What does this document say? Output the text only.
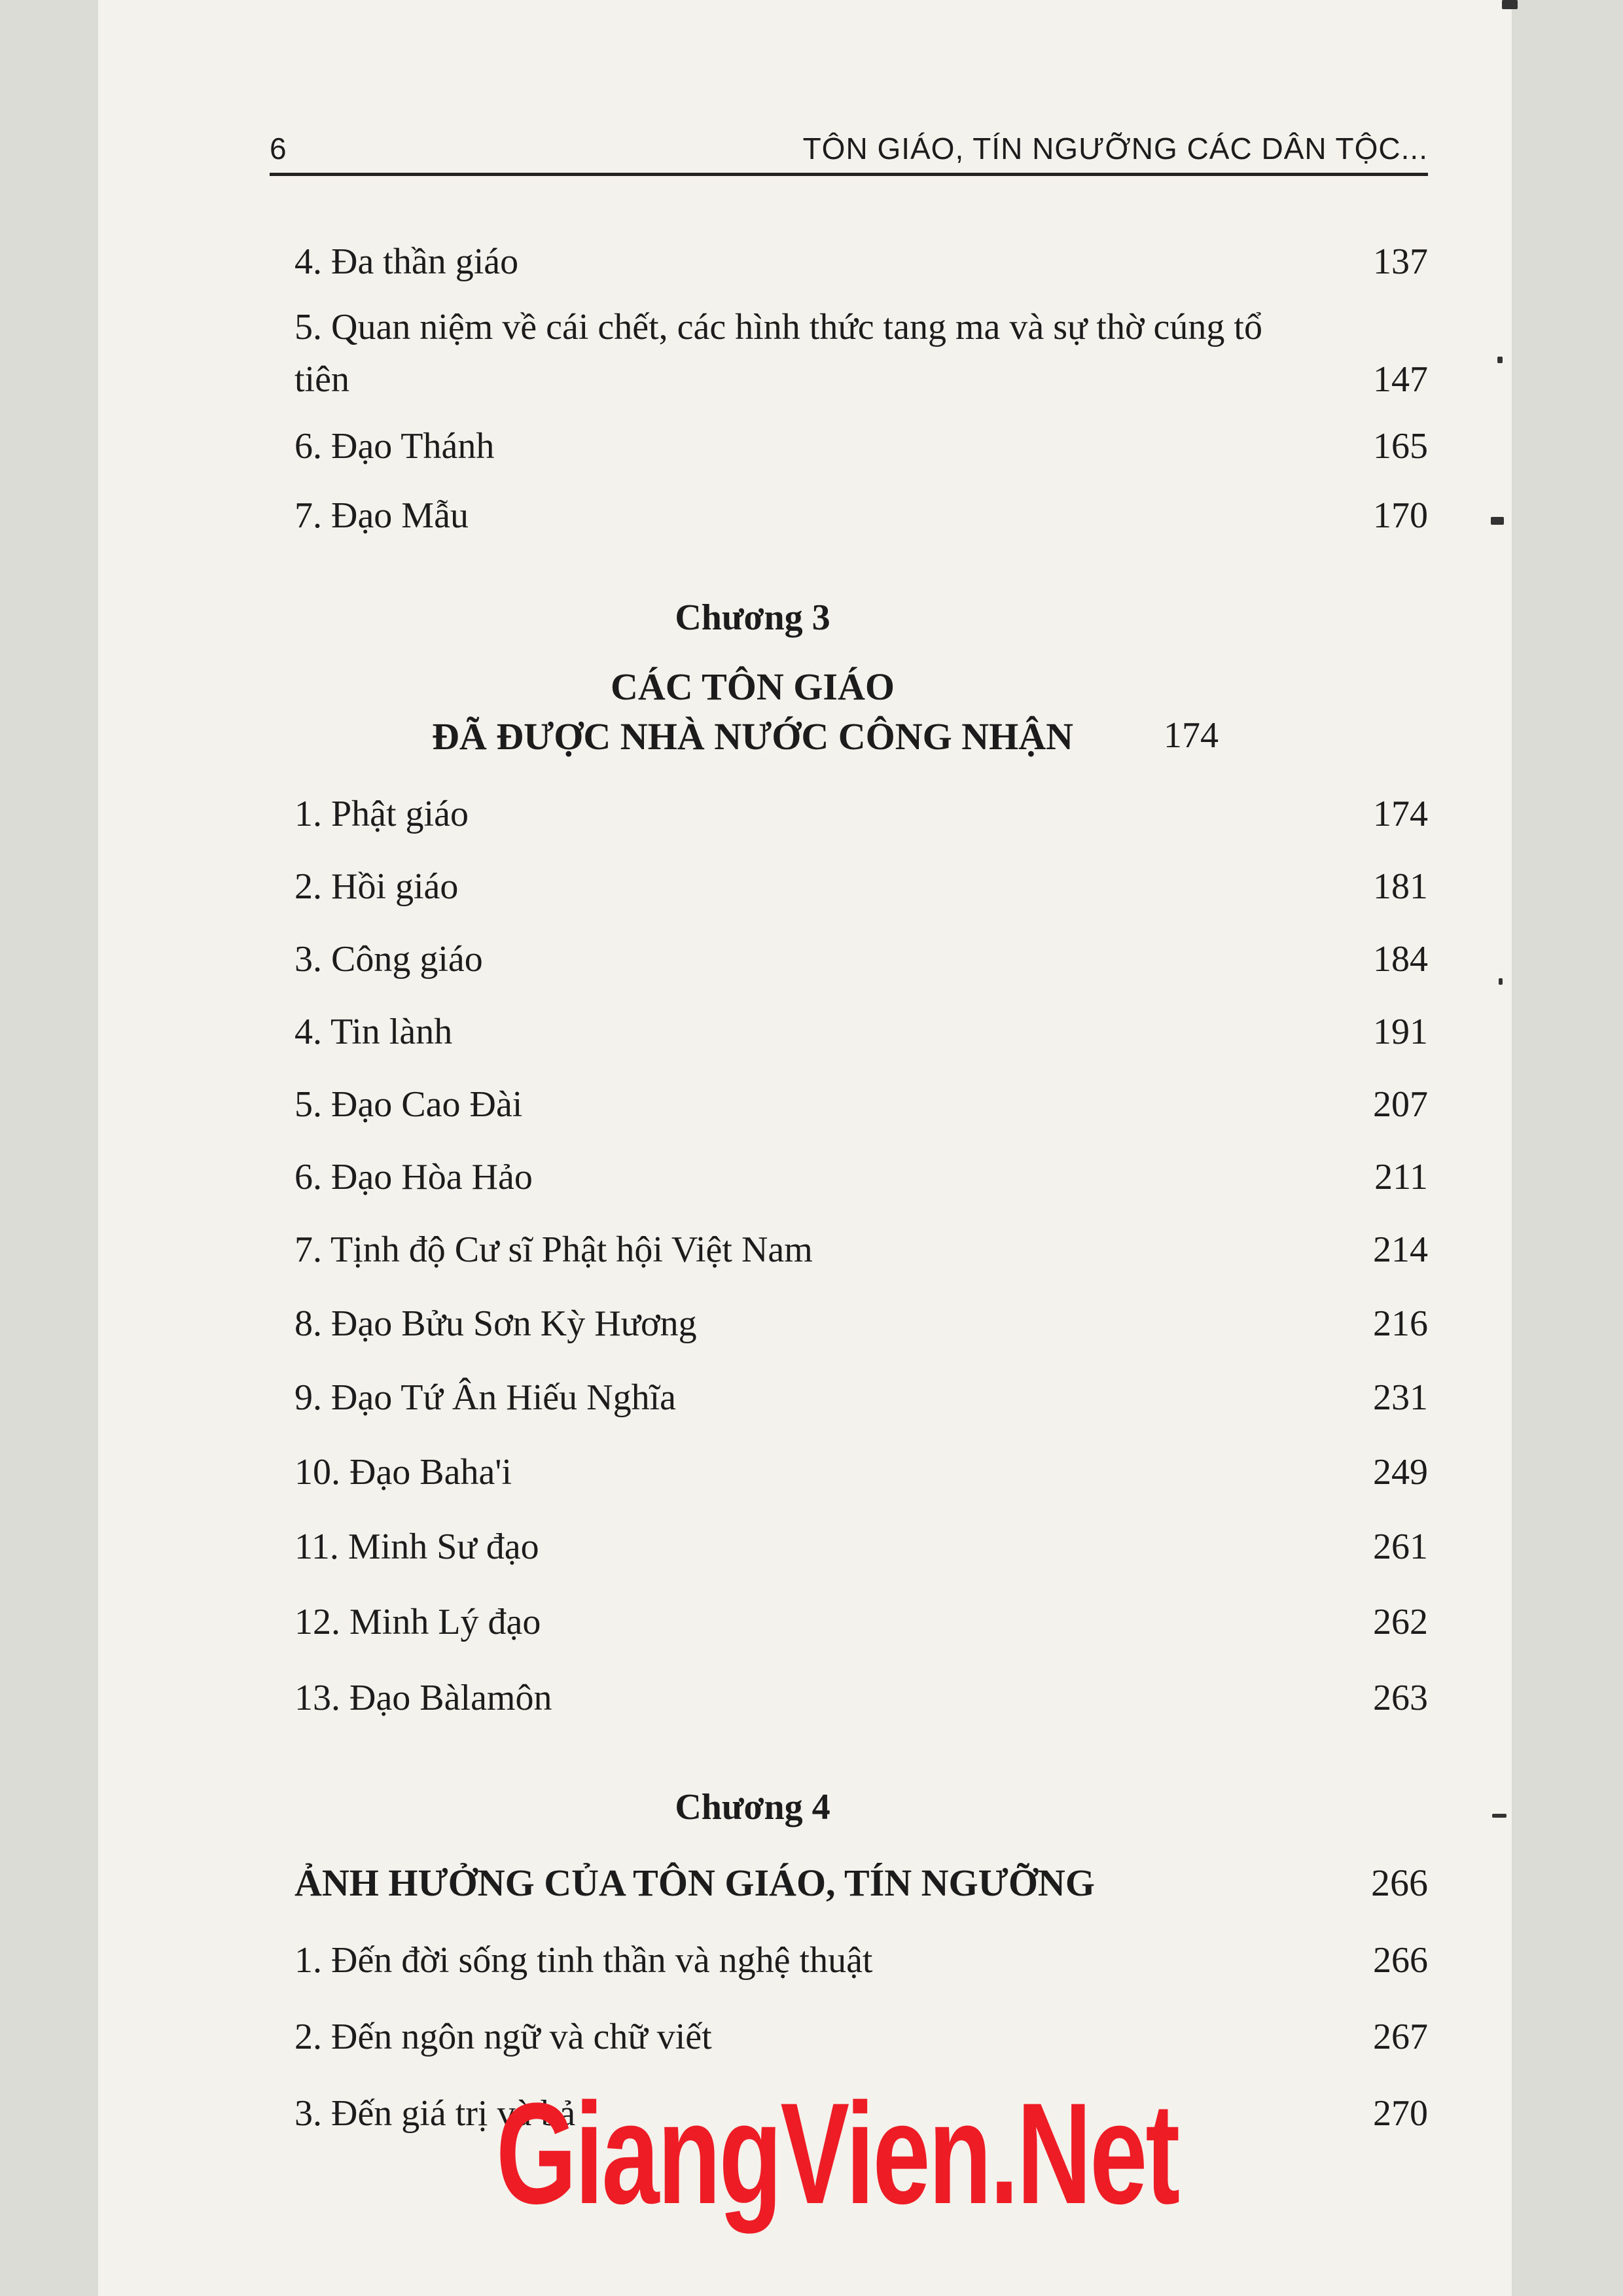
6	TÔN GIÁO, TÍN NGƯỠNG CÁC DÂN TỘC...
4. Đa thần giáo	137
5. Quan niệm về cái chết, các hình thức tang ma và sự thờ cúng tổ tiên	147
6. Đạo Thánh	165
7. Đạo Mẫu	170
Chương 3
CÁC TÔN GIÁO
ĐÃ ĐƯỢC NHÀ NƯỚC CÔNG NHẬN	174
1. Phật giáo	174
2. Hồi giáo	181
3. Công giáo	184
4. Tin lành	191
5. Đạo Cao Đài	207
6. Đạo Hòa Hảo	211
7. Tịnh độ Cư sĩ Phật hội Việt Nam	214
8. Đạo Bửu Sơn Kỳ Hương	216
9. Đạo Tứ Ân Hiếu Nghĩa	231
10. Đạo Baha'i	249
11. Minh Sư đạo	261
12. Minh Lý đạo	262
13. Đạo Bàlamôn	263
Chương 4
ẢNH HƯỞNG CỦA TÔN GIÁO, TÍN NGƯỠNG	266
1. Đến đời sống tinh thần và nghệ thuật	266
2. Đến ngôn ngữ và chữ viết	267
3. Đến giá trị và bả	270
GiangVien.Net
